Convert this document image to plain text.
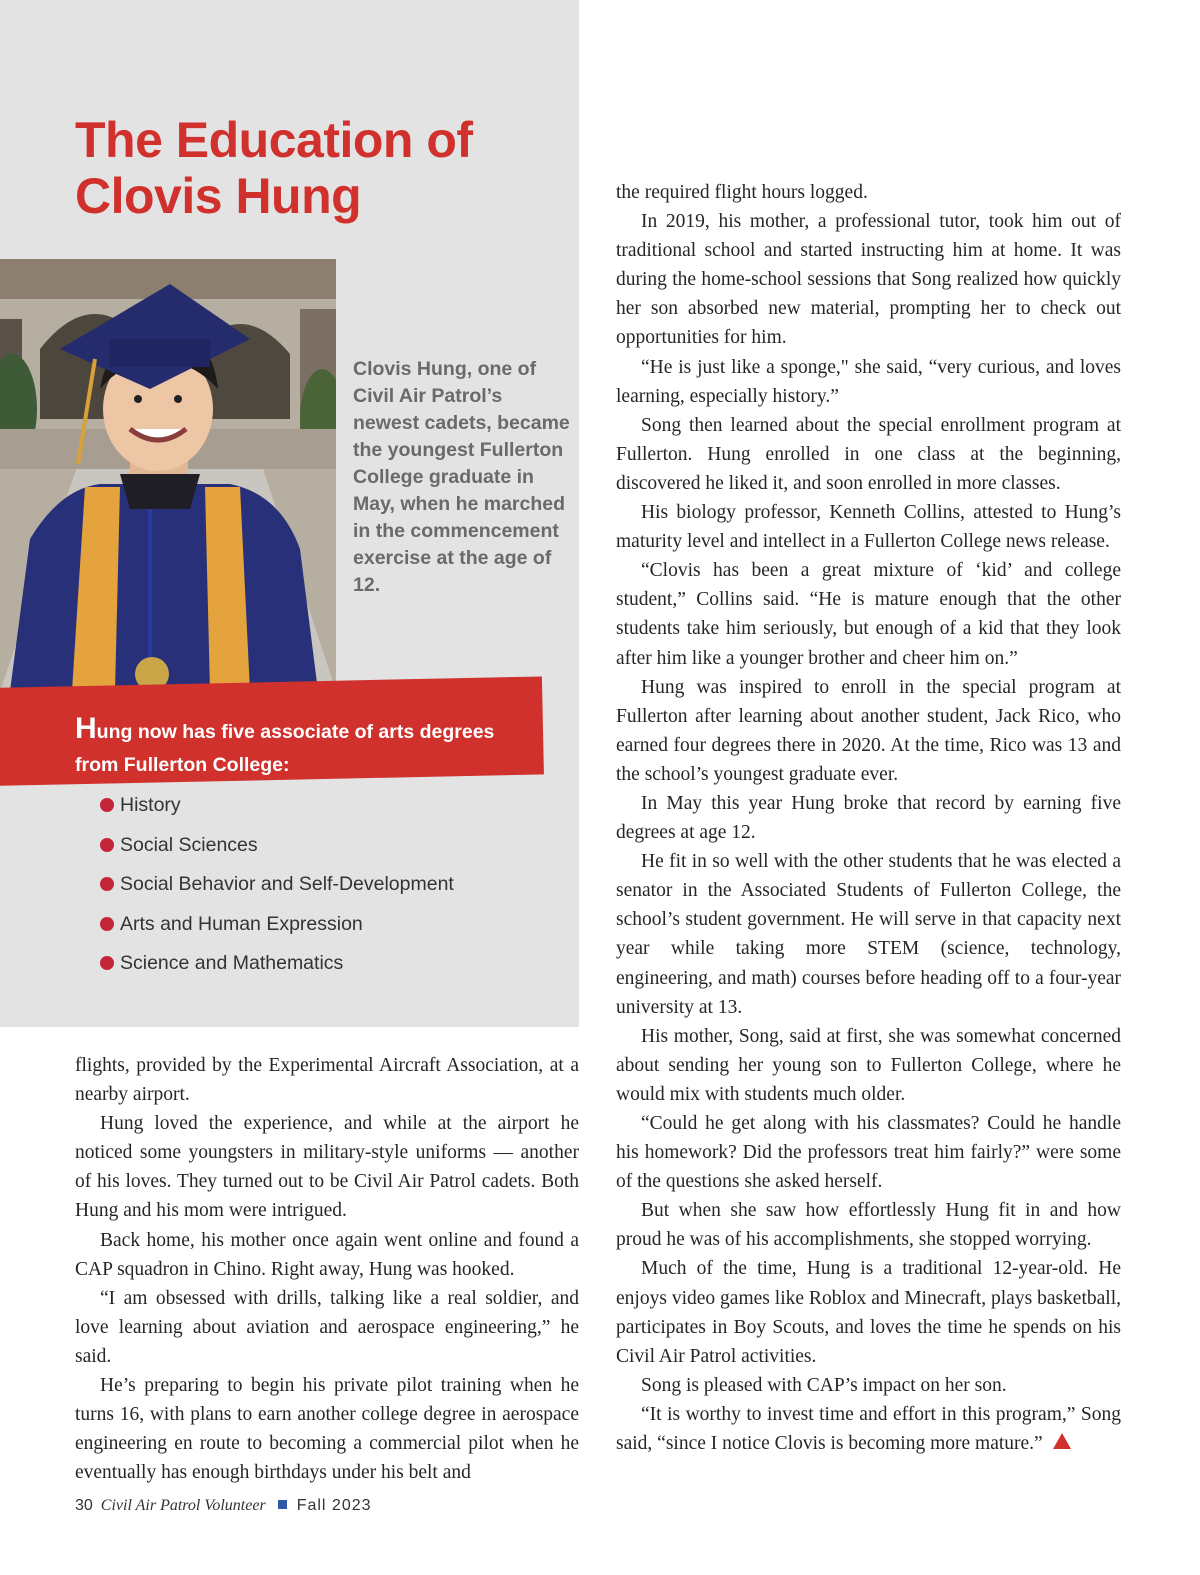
The Education of
Clovis Hung
Clovis Hung, one of Civil Air Patrol’s newest cadets, became the youngest Fullerton College graduate in May, when he marched in the commencement exercise at the age of 12.
Hung now has five associate of arts degrees from Fullerton College:
History
Social Sciences
Social Behavior and Self-Development
Arts and Human Expression
Science and Mathematics

flights, provided by the Experimental Aircraft Association, at a nearby airport.

Hung loved the experience, and while at the airport he noticed some youngsters in military-style uniforms — another of his loves. They turned out to be Civil Air Patrol cadets. Both Hung and his mom were intrigued.

Back home, his mother once again went online and found a CAP squadron in Chino. Right away, Hung was hooked.

“I am obsessed with drills, talking like a real soldier, and love learning about aviation and aerospace engineering,” he said.

He’s preparing to begin his private pilot training when he turns 16, with plans to earn another college degree in aerospace engineering en route to becoming a commercial pilot when he eventually has enough birthdays under his belt and

the required flight hours logged.

In 2019, his mother, a professional tutor, took him out of traditional school and started instructing him at home. It was during the home-school sessions that Song realized how quickly her son absorbed new material, prompting her to check out opportunities for him.

“He is just like a sponge," she said, “very curious, and loves learning, especially history.”

Song then learned about the special enrollment program at Fullerton. Hung enrolled in one class at the beginning, discovered he liked it, and soon enrolled in more classes.

His biology professor, Kenneth Collins, attested to Hung’s maturity level and intellect in a Fullerton College news release.

“Clovis has been a great mixture of ‘kid’ and college student,” Collins said. “He is mature enough that the other students take him seriously, but enough of a kid that they look after him like a younger brother and cheer him on.”

Hung was inspired to enroll in the special program at Fullerton after learning about another student, Jack Rico, who earned four degrees there in 2020. At the time, Rico was 13 and the school’s youngest graduate ever.

In May this year Hung broke that record by earning five degrees at age 12.

He fit in so well with the other students that he was elected a senator in the Associated Students of Fullerton College, the school’s student government. He will serve in that capacity next year while taking more STEM (science, technology, engineering, and math) courses before heading off to a four-year university at 13.

His mother, Song, said at first, she was somewhat concerned about sending her young son to Fullerton College, where he would mix with students much older.

“Could he get along with his classmates? Could he handle his homework? Did the professors treat him fairly?” were some of the questions she asked herself.

But when she saw how effortlessly Hung fit in and how proud he was of his accomplishments, she stopped worrying.

Much of the time, Hung is a traditional 12-year-old. He enjoys video games like Roblox and Minecraft, plays basketball, participates in Boy Scouts, and loves the time he spends on his Civil Air Patrol activities.

Song is pleased with CAP’s impact on her son.

“It is worthy to invest time and effort in this program,” Song said, “since I notice Clovis is becoming more mature.”

30 Civil Air Patrol Volunteer Fall 2023
